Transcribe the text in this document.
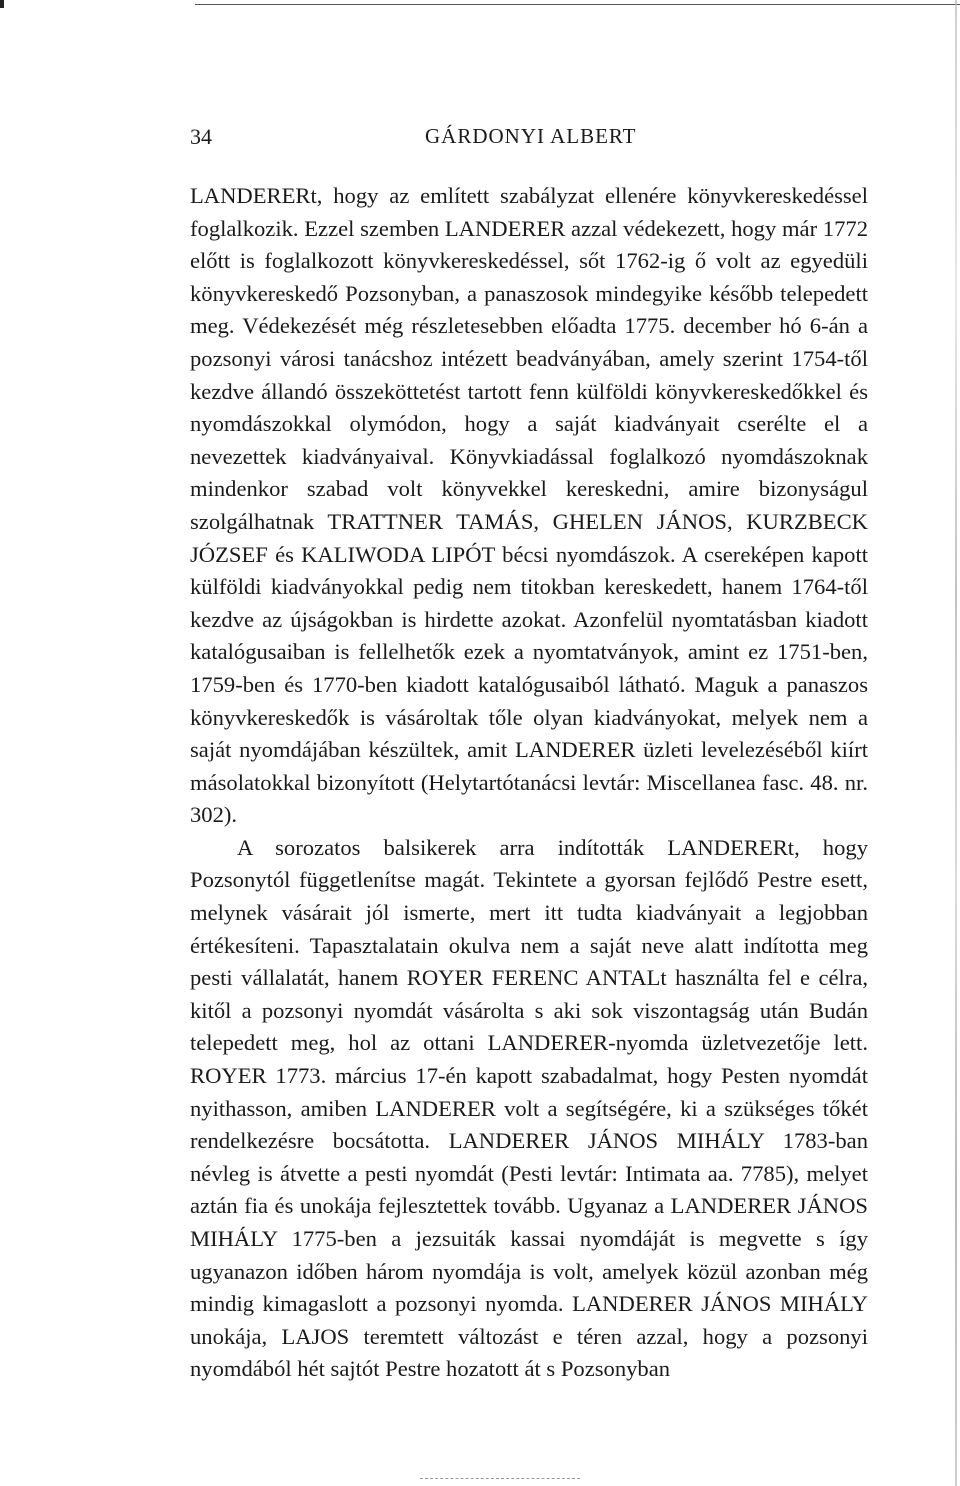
34	GÁRDONYI ALBERT

LANDERERt, hogy az említett szabályzat ellenére könyvkereskedéssel foglalkozik. Ezzel szemben LANDERER azzal védekezett, hogy már 1772 előtt is foglalkozott könyvkereskedéssel, sőt 1762-ig ő volt az egyedüli könyvkereskedő Pozsonyban, a panaszosok mindegyike később telepedett meg. Védekezését még részletesebben előadta 1775. december hó 6-án a pozsonyi városi tanácshoz intézett beadványában, amely szerint 1754-től kezdve állandó összeköttetést tartott fenn külföldi könyvkereskedőkkel és nyomdászokkal olymódon, hogy a saját kiadványait cserélte el a nevezettek kiadványaival. Könyvkiadással foglalkozó nyomdászoknak mindenkor szabad volt könyvekkel kereskedni, amire bizonyságul szolgálhatnak TRATTNER TAMÁS, GHELEN JÁNOS, KURZBECK JÓZSEF és KALIWODA LIPÓT bécsi nyomdászok. A csereképen kapott külföldi kiadványokkal pedig nem titokban kereskedett, hanem 1764-től kezdve az újságokban is hirdette azokat. Azonfelül nyomtatásban kiadott katalógusaiban is fellelhetők ezek a nyomtatványok, amint ez 1751-ben, 1759-ben és 1770-ben kiadott katalógusaiból látható. Maguk a panaszos könyvkereskedők is vásároltak tőle olyan kiadványokat, melyek nem a saját nyomdájában készültek, amit LANDERER üzleti levelezéséből kiírt másolatokkal bizonyított (Helytartótanácsi levtár: Miscellanea fasc. 48. nr. 302).

A sorozatos balsikerek arra indították LANDERERt, hogy Pozsonytól függetlenítse magát. Tekintete a gyorsan fejlődő Pestre esett, melynek vásárait jól ismerte, mert itt tudta kiadványait a legjobban értékesíteni. Tapasztalatain okulva nem a saját neve alatt indította meg pesti vállalatát, hanem ROYER FERENC ANTALt használta fel e célra, kitől a pozsonyi nyomdát vásárolta s aki sok viszontagság után Budán telepedett meg, hol az ottani LANDERER-nyomda üzletvezetője lett. ROYER 1773. március 17-én kapott szabadalmat, hogy Pesten nyomdát nyithasson, amiben LANDERER volt a segítségére, ki a szükséges tőkét rendelkezésre bocsátotta. LANDERER JÁNOS MIHÁLY 1783-ban névleg is átvette a pesti nyomdát (Pesti levtár: Intimata aa. 7785), melyet aztán fia és unokája fejlesztettek tovább. Ugyanaz a LANDERER JÁNOS MIHÁLY 1775-ben a jezsuiták kassai nyomdáját is megvette s így ugyanazon időben három nyomdája is volt, amelyek közül azonban még mindig kimagaslott a pozsonyi nyomda. LANDERER JÁNOS MIHÁLY unokája, LAJOS teremtett változást e téren azzal, hogy a pozsonyi nyomdából hét sajtót Pestre hozatott át s Pozsonyban
